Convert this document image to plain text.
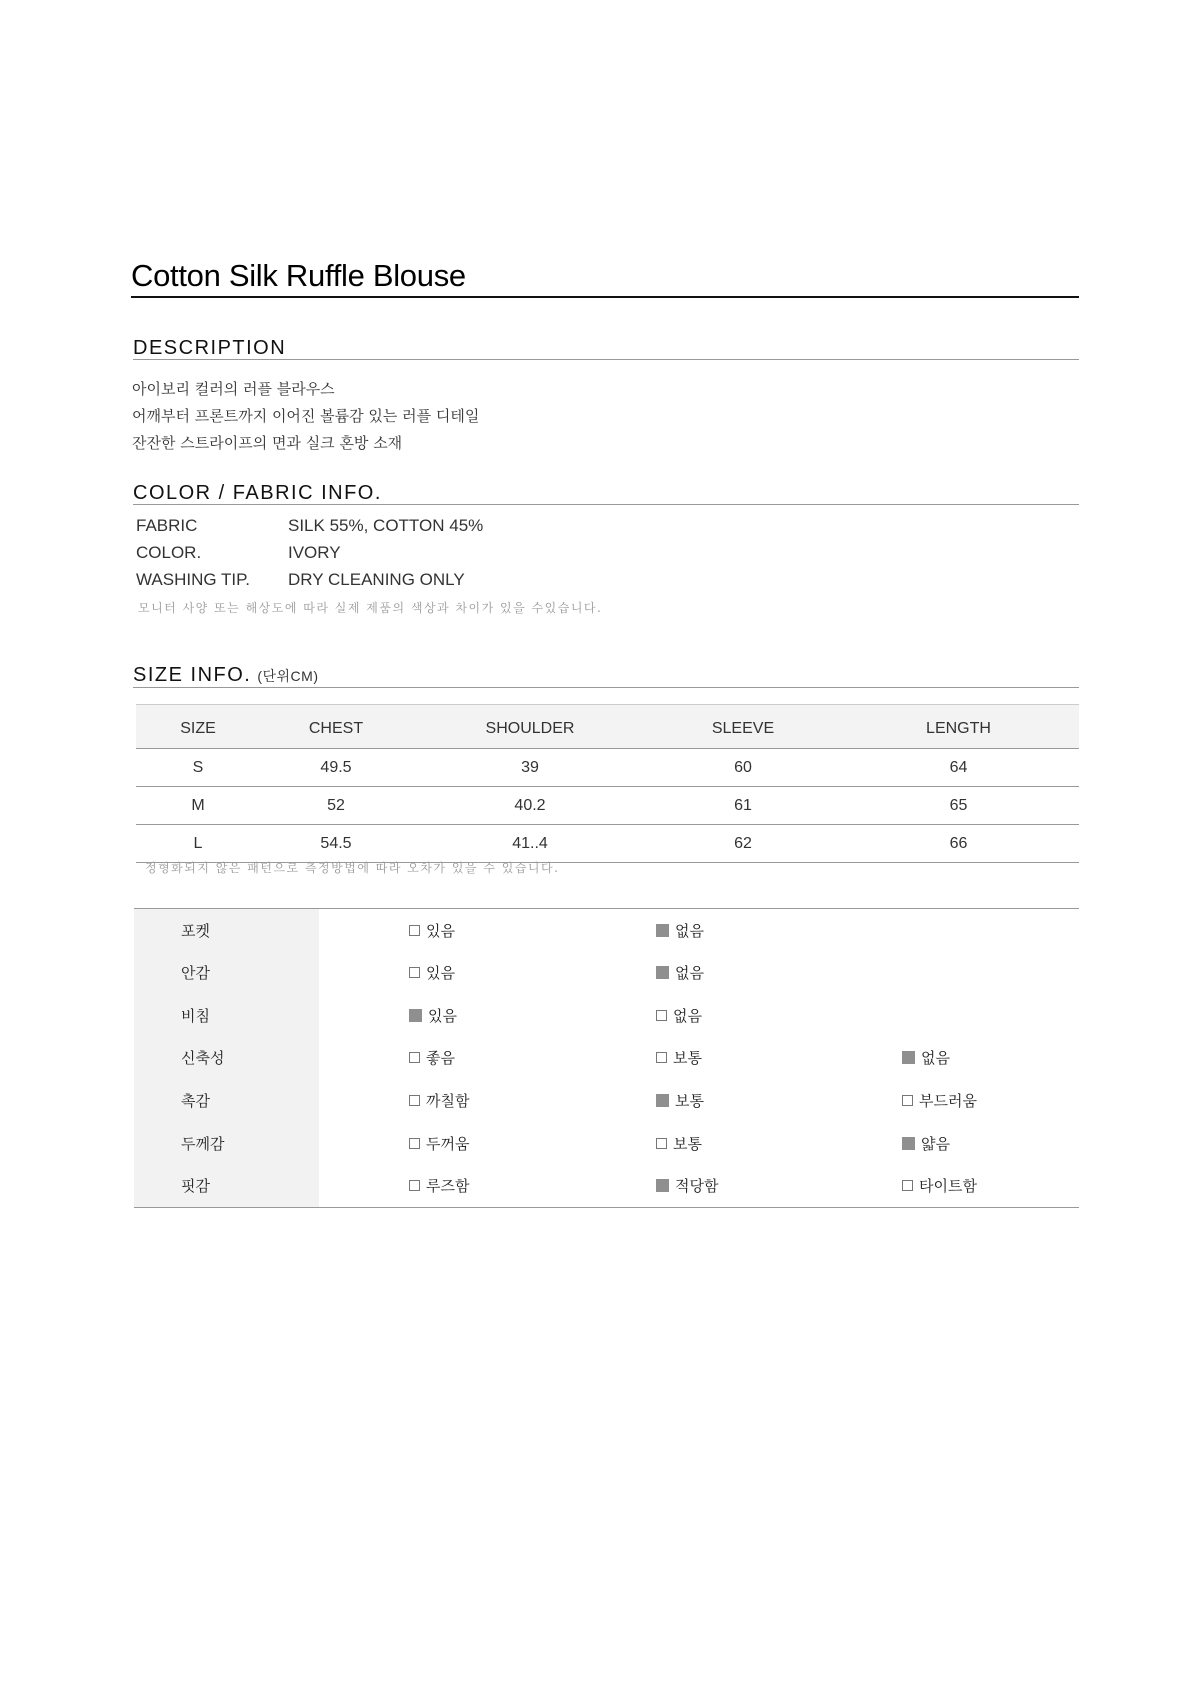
Cotton Silk Ruffle Blouse
DESCRIPTION
아이보리 컬러의 러플 블라우스
어깨부터 프론트까지 이어진 볼륨감 있는 러플 디테일
잔잔한 스트라이프의 면과 실크 혼방 소재
COLOR / FABRIC INFO.
FABRIC	SILK 55%, COTTON 45%
COLOR.	IVORY
WASHING TIP. DRY CLEANING ONLY
모니터 사양 또는 해상도에 따라 실제 제품의 색상과 차이가 있을 수있습니다.
SIZE INFO. (단위CM)
SIZE	CHEST	SHOULDER	SLEEVE	LENGTH
S	49.5	39	60	64
M	52	40.2	61	65
L	54.5	41..4	62	66
정형화되지 않은 패턴으로 측정방법에 따라 오차가 있을 수 있습니다.
포켓	있음	없음	

안감	있음	없음	

비침	있음	없음	

신축성	좋음	보통	없음

촉감	까칠함	보통	부드러움

두께감	두꺼움	보통	얇음

핏감	루즈함	적당함	타이트함
